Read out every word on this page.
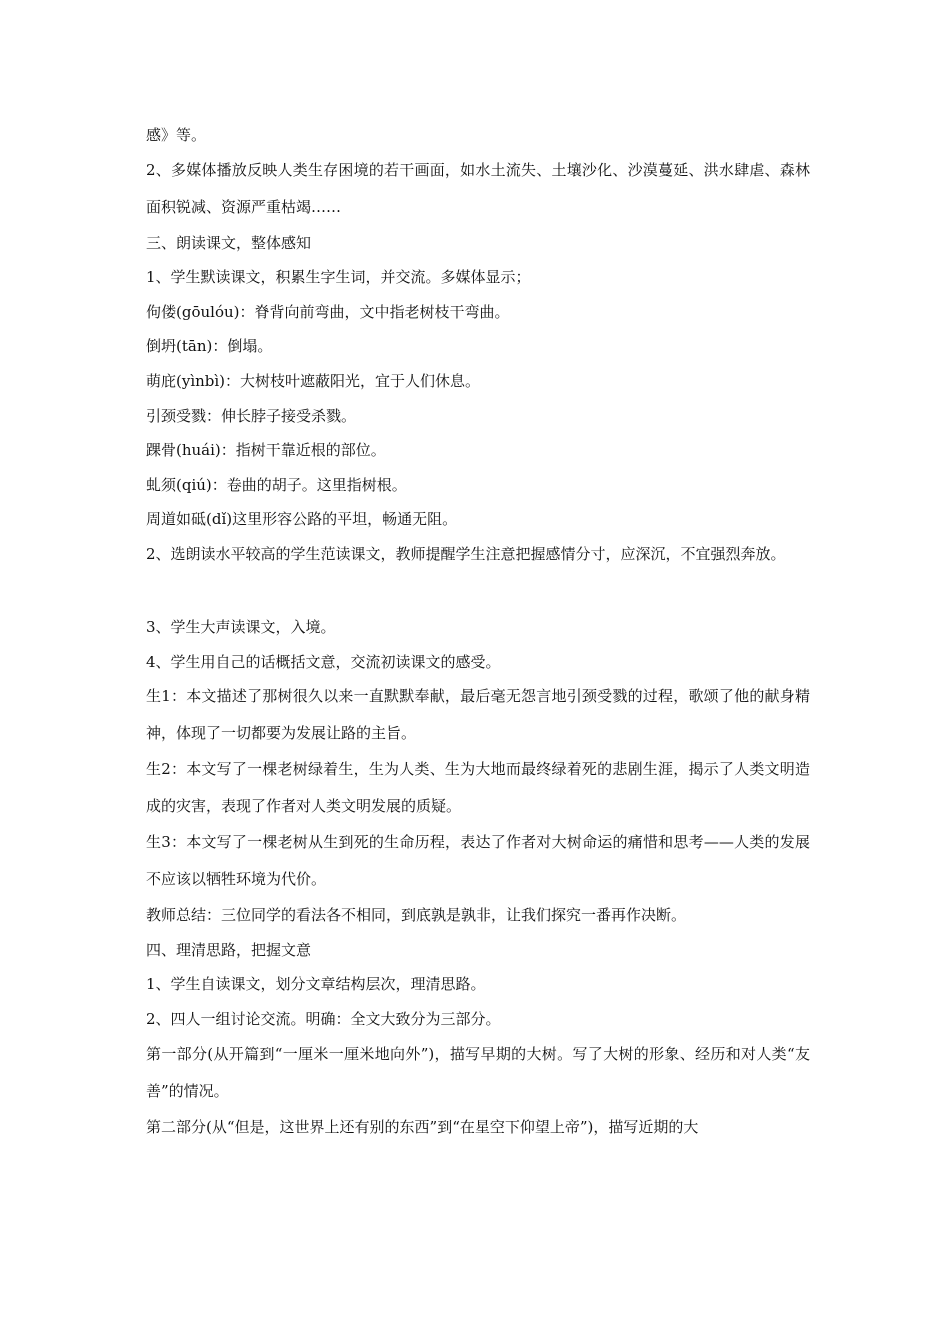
感》等。
2、多媒体播放反映人类生存困境的若干画面，如水土流失、土壤沙化、沙漠蔓延、洪水肆虐、森林面积锐减、资源严重枯竭……
三、朗读课文，整体感知
1、学生默读课文，积累生字生词，并交流。多媒体显示；
佝偻(gōulóu)：脊背向前弯曲，文中指老树枝干弯曲。
倒坍(tān)：倒塌。
萌庇(yìnbì)：大树枝叶遮蔽阳光，宜于人们休息。
引颈受戮：伸长脖子接受杀戮。
踝骨(huái)：指树干靠近根的部位。
虬须(qiú)：卷曲的胡子。这里指树根。
周道如砥(dǐ)这里形容公路的平坦，畅通无阻。
2、选朗读水平较高的学生范读课文，教师提醒学生注意把握感情分寸，应深沉，不宜强烈奔放。
3、学生大声读课文，入境。
4、学生用自己的话概括文意，交流初读课文的感受。
生1：本文描述了那树很久以来一直默默奉献，最后毫无怨言地引颈受戮的过程，歌颂了他的献身精神，体现了一切都要为发展让路的主旨。
生2：本文写了一棵老树绿着生，生为人类、生为大地而最终绿着死的悲剧生涯，揭示了人类文明造成的灾害，表现了作者对人类文明发展的质疑。
生3：本文写了一棵老树从生到死的生命历程，表达了作者对大树命运的痛惜和思考——人类的发展不应该以牺牲环境为代价。
教师总结：三位同学的看法各不相同，到底孰是孰非，让我们探究一番再作决断。
四、理清思路，把握文意
1、学生自读课文，划分文章结构层次，理清思路。
2、四人一组讨论交流。明确：全文大致分为三部分。
第一部分(从开篇到“一厘米一厘米地向外”)，描写早期的大树。写了大树的形象、经历和对人类“友善”的情况。
第二部分(从“但是，这世界上还有别的东西”到“在星空下仰望上帝”)，描写近期的大
